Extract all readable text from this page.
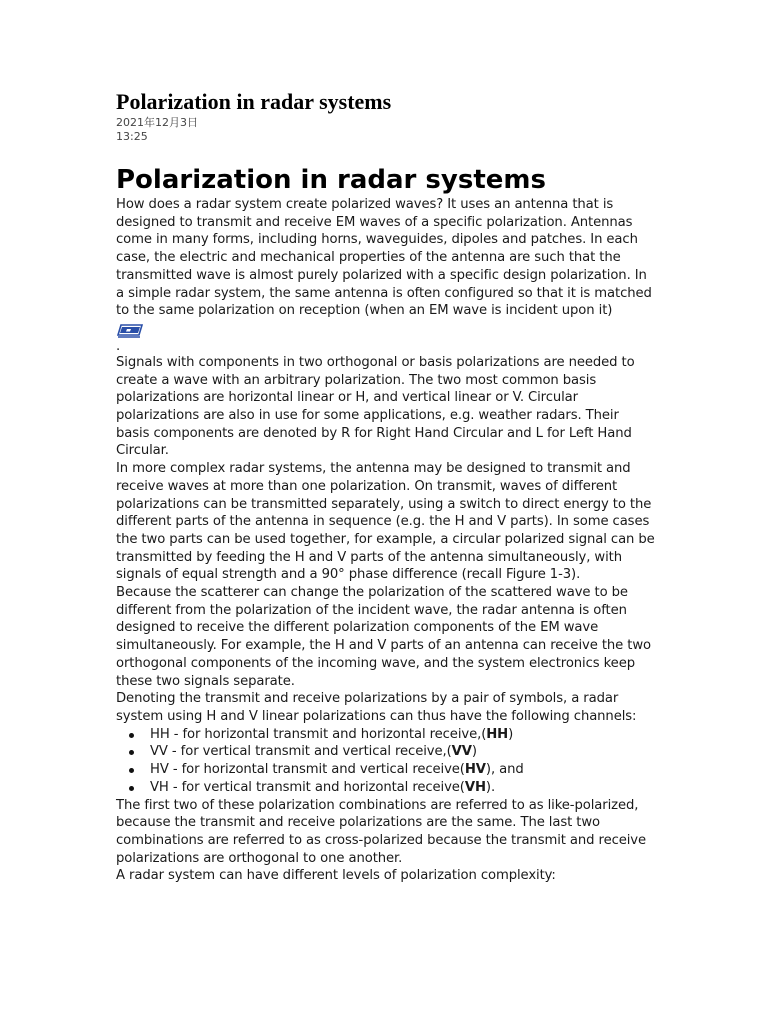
Polarization in radar systems
2021年12月3日
13:25
Polarization in radar systems

How does a radar system create polarized waves? It uses an antenna that is designed to transmit and receive EM waves of a specific polarization. Antennas come in many forms, including horns, waveguides, dipoles and patches. In each case, the electric and mechanical properties of the antenna are such that the transmitted wave is almost purely polarized with a specific design polarization. In a simple radar system, the same antenna is often configured so that it is matched to the same polarization on reception (when an EM wave is incident upon it)

.

Signals with components in two orthogonal or basis polarizations are needed to create a wave with an arbitrary polarization. The two most common basis polarizations are horizontal linear or H, and vertical linear or V. Circular polarizations are also in use for some applications, e.g. weather radars. Their basis components are denoted by R for Right Hand Circular and L for Left Hand Circular.

In more complex radar systems, the antenna may be designed to transmit and receive waves at more than one polarization. On transmit, waves of different polarizations can be transmitted separately, using a switch to direct energy to the different parts of the antenna in sequence (e.g. the H and V parts). In some cases the two parts can be used together, for example, a circular polarized signal can be transmitted by feeding the H and V parts of the antenna simultaneously, with signals of equal strength and a 90° phase difference (recall Figure 1-3).

Because the scatterer can change the polarization of the scattered wave to be different from the polarization of the incident wave, the radar antenna is often designed to receive the different polarization components of the EM wave simultaneously. For example, the H and V parts of an antenna can receive the two orthogonal components of the incoming wave, and the system electronics keep these two signals separate.

Denoting the transmit and receive polarizations by a pair of symbols, a radar system using H and V linear polarizations can thus have the following channels:

HH - for horizontal transmit and horizontal receive,(HH)
VV - for vertical transmit and vertical receive,(VV)
HV - for horizontal transmit and vertical receive(HV), and
VH - for vertical transmit and horizontal receive(VH).

The first two of these polarization combinations are referred to as like-polarized, because the transmit and receive polarizations are the same. The last two combinations are referred to as cross-polarized because the transmit and receive polarizations are orthogonal to one another.

A radar system can have different levels of polarization complexity:
